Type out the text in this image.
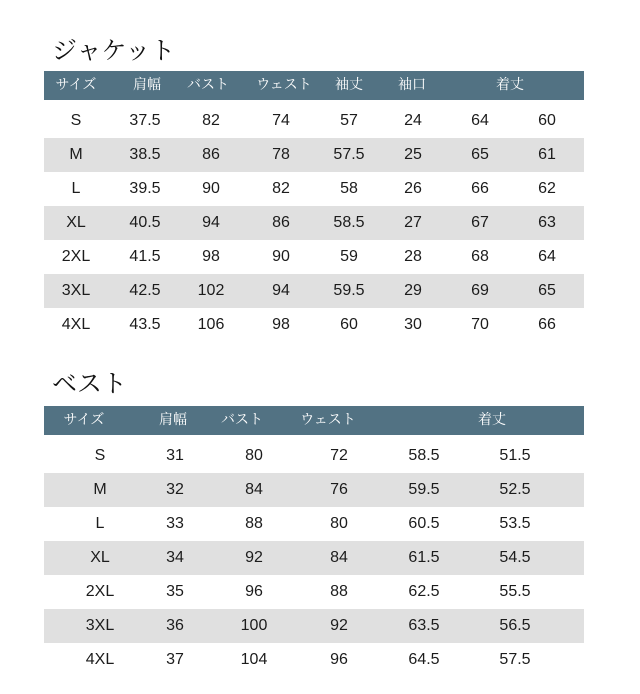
ジャケット
サイズ	肩幅 バスト ウェスト 袖丈	袖口	着丈
S	37.5	82	74	57	24	64	60
M	38.5	86	78	57.5 25	65	61
L	39.5	90	82	58	26	66	62
XL	40.5	94	86	58.5 27	67	63
2XL 41.5	98	90	59	28	68	64
3XL 42.5 102	94	59.5 29	69	65
4XL 43.5 106	98	60	30	70	66
ベスト
サイズ	肩幅 バスト	ウェスト	着丈
S	31	80	72	58.5	51.5
M	32	84	76	59.5	52.5
L	33	88	80	60.5	53.5
XL	34	92	84	61.5	54.5
2XL	35	96	88	62.5	55.5
3XL	36	100	92	63.5	56.5
4XL	37	104	96	64.5	57.5
